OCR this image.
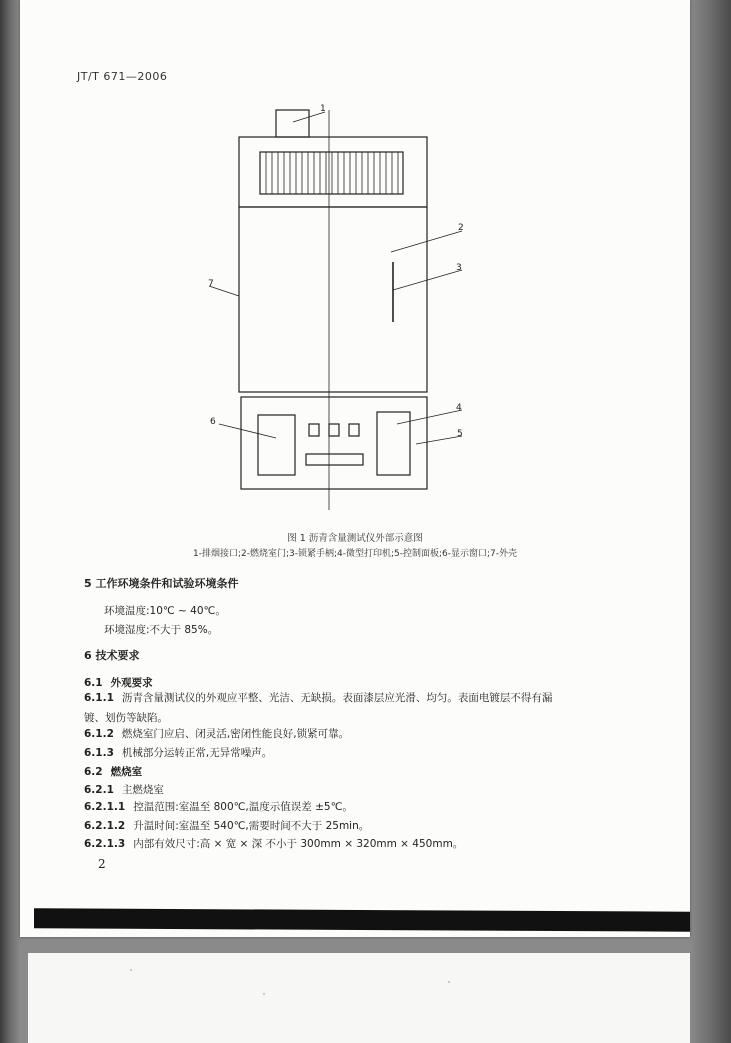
JT/T 671—2006
1
2
3
4
5
6
7
图 1 沥青含量测试仪外部示意图
1-排烟接口;2-燃烧室门;3-锁紧手柄;4-微型打印机;5-控制面板;6-显示窗口;7-外壳
5 工作环境条件和试验环境条件
环境温度:10℃ ~ 40℃。
环境湿度:不大于 85%。
6 技术要求
6.1 外观要求
6.1.1 沥青含量测试仪的外观应平整、光洁、无缺损。表面漆层应光滑、均匀。表面电镀层不得有漏
镀、划伤等缺陷。
6.1.2 燃烧室门应启、闭灵活,密闭性能良好,锁紧可靠。
6.1.3 机械部分运转正常,无异常噪声。
6.2 燃烧室
6.2.1 主燃烧室
6.2.1.1 控温范围:室温至 800℃,温度示值误差 ±5℃。
6.2.1.2 升温时间:室温至 540℃,需要时间不大于 25min。
6.2.1.3 内部有效尺寸:高 × 宽 × 深 不小于 300mm × 320mm × 450mm。
2
